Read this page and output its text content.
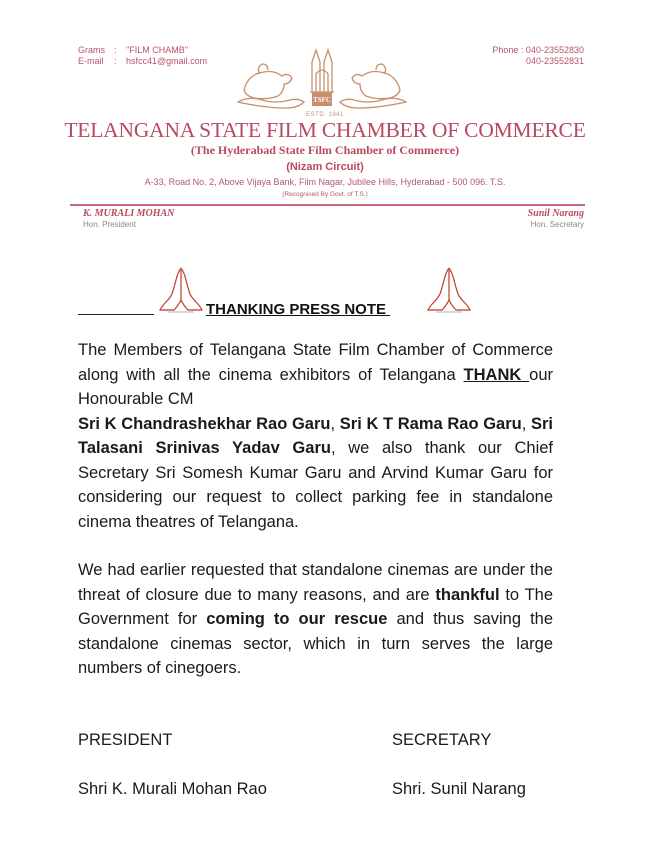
Grams	:	"FILM CHAMB"
E-mail	:	hsfcc41@gmail.com
Phone : 040-23552830
040-23552831
TSFC
ESTD. 1941
TELANGANA STATE FILM CHAMBER OF COMMERCE
(The Hyderabad State Film Chamber of Commerce)
(Nizam Circuit)
A-33, Road No. 2, Above Vijaya Bank, Film Nagar, Jubilee Hills, Hyderabad - 500 096. T.S.
(Recognised By Govt. of T.S.)
K. MURALI MOHAN
Hon. President
Sunil Narang
Hon. Secretary
THANKING PRESS NOTE
The Members of Telangana State Film Chamber of Commerce along with all the cinema exhibitors of Telangana THANK our Honourable CM
Sri K Chandrashekhar Rao Garu, Sri K T Rama Rao Garu, Sri Talasani Srinivas Yadav Garu, we also thank our Chief Secretary Sri Somesh Kumar Garu and Arvind Kumar Garu for considering our request to collect parking fee in standalone cinema theatres of Telangana.
We had earlier requested that standalone cinemas are under the threat of closure due to many reasons, and are thankful to The Government for coming to our rescue and thus saving the standalone cinemas sector, which in turn serves the large numbers of cinegoers.
PRESIDENT	SECRETARY
Shri K. Murali Mohan Rao	Shri. Sunil Narang
